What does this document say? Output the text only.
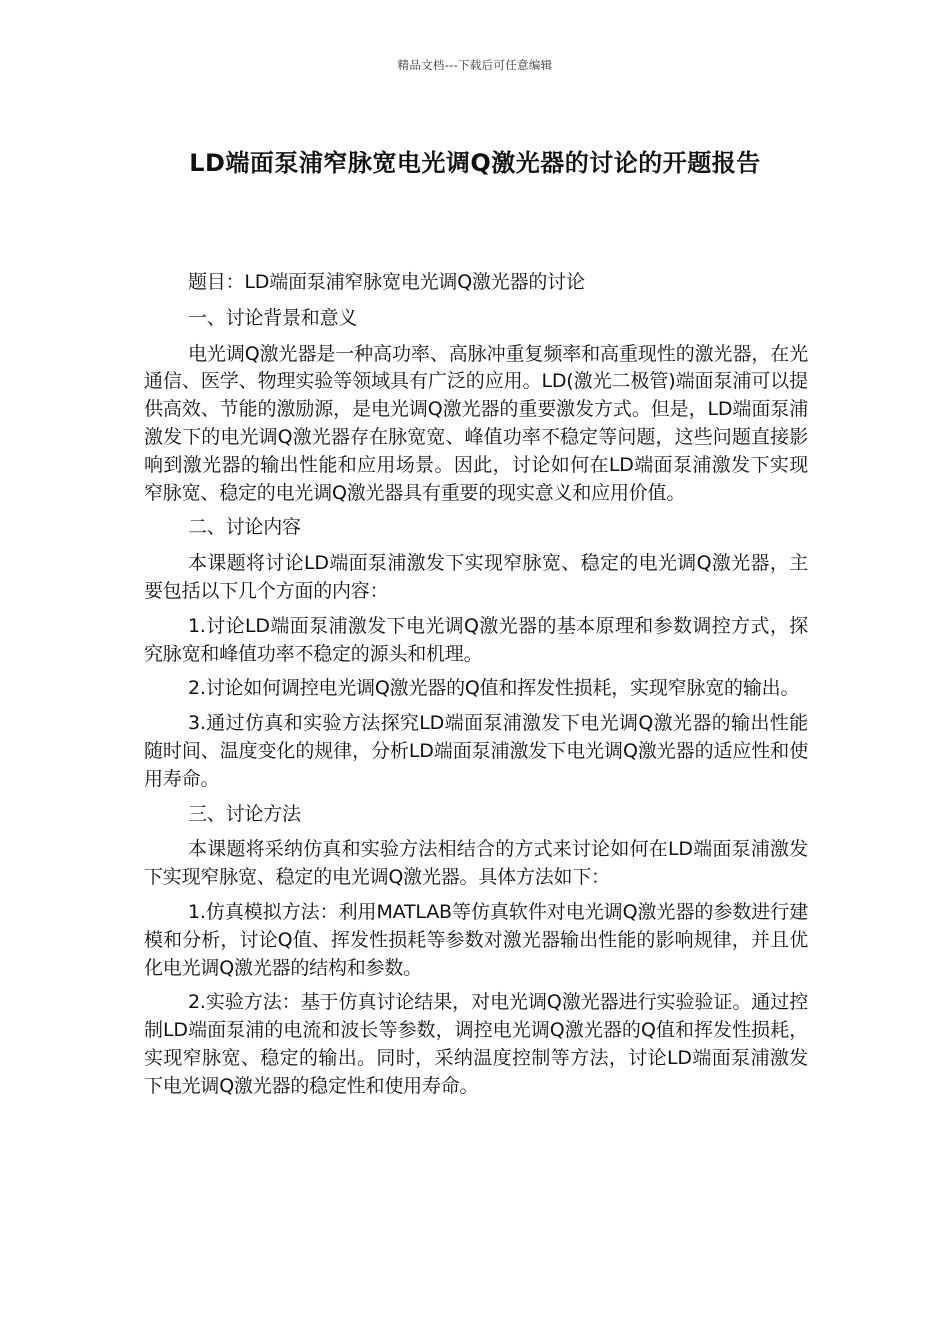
精品文档---下载后可任意编辑
LD端面泵浦窄脉宽电光调Q激光器的讨论的开题报告

题目：LD端面泵浦窄脉宽电光调Q激光器的讨论

一、讨论背景和意义

电光调Q激光器是一种高功率、高脉冲重复频率和高重现性的激光器，在光通信、医学、物理实验等领域具有广泛的应用。LD(激光二极管)端面泵浦可以提供高效、节能的激励源，是电光调Q激光器的重要激发方式。但是，LD端面泵浦激发下的电光调Q激光器存在脉宽宽、峰值功率不稳定等问题，这些问题直接影响到激光器的输出性能和应用场景。因此，讨论如何在LD端面泵浦激发下实现窄脉宽、稳定的电光调Q激光器具有重要的现实意义和应用价值。

二、讨论内容

本课题将讨论LD端面泵浦激发下实现窄脉宽、稳定的电光调Q激光器，主要包括以下几个方面的内容：

1.讨论LD端面泵浦激发下电光调Q激光器的基本原理和参数调控方式，探究脉宽和峰值功率不稳定的源头和机理。

2.讨论如何调控电光调Q激光器的Q值和挥发性损耗，实现窄脉宽的输出。

3.通过仿真和实验方法探究LD端面泵浦激发下电光调Q激光器的输出性能随时间、温度变化的规律，分析LD端面泵浦激发下电光调Q激光器的适应性和使用寿命。

三、讨论方法

本课题将采纳仿真和实验方法相结合的方式来讨论如何在LD端面泵浦激发下实现窄脉宽、稳定的电光调Q激光器。具体方法如下：

1.仿真模拟方法：利用MATLAB等仿真软件对电光调Q激光器的参数进行建模和分析，讨论Q值、挥发性损耗等参数对激光器输出性能的影响规律，并且优化电光调Q激光器的结构和参数。

2.实验方法：基于仿真讨论结果，对电光调Q激光器进行实验验证。通过控制LD端面泵浦的电流和波长等参数，调控电光调Q激光器的Q值和挥发性损耗，实现窄脉宽、稳定的输出。同时，采纳温度控制等方法，讨论LD端面泵浦激发下电光调Q激光器的稳定性和使用寿命。
